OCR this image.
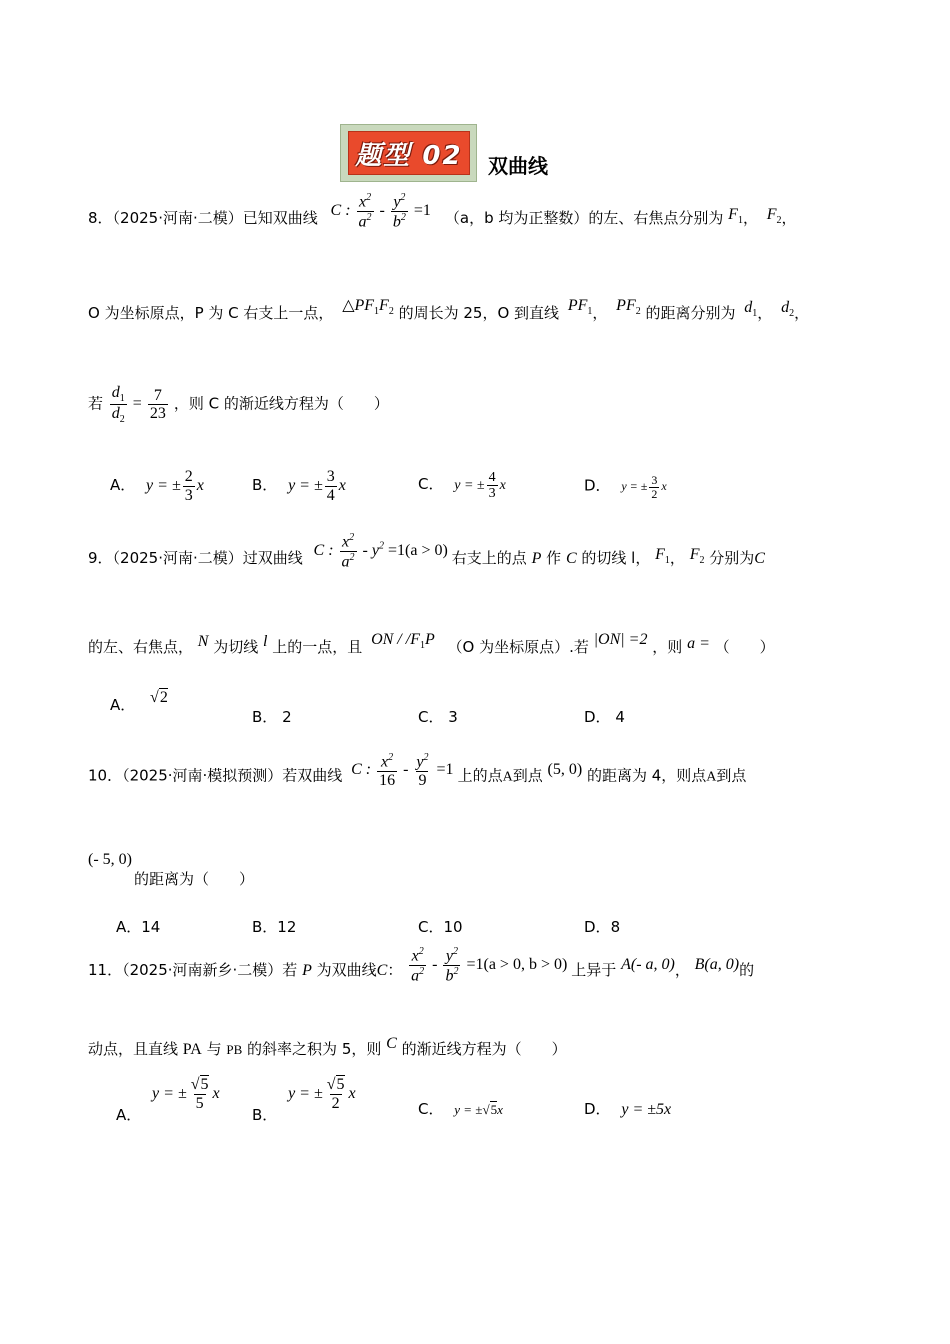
题型 02	双曲线
8．（2025·河南·二模）已知双曲线 C : $\frac{x^2}{a^2} - \frac{y^2}{b^2} =1$ （a，b 均为正整数）的左、右焦点分别为 $F_1$， $F_2$，
O 为坐标原点，P 为 C 右支上一点， $\triangle PF_1F_2$ 的周长为 25，O 到直线 $PF_1$， $PF_2$ 的距离分别为 $d_1$， $d_2$，
若 $\frac{d_1}{d_2} = \frac{7}{23}$ ，则 C 的渐近线方程为（　　）
A． y = ± $\frac{2}{3}$ x	B． y = ± $\frac{3}{4}$ x	C． y = ± $\frac{4}{3}$ x	D． y = ± $\frac{3}{2}$ x
9．（2025·河南·二模）过双曲线 C : $\frac{x^2}{a^2} - y^2 =1(a > 0)$ 右支上的点 P 作 C 的切线 l， $F_1$， $F_2$ 分别为C
的左、右焦点， N 为切线 l 上的一点，且 ON / $/F_1P$ （O 为坐标原点）.若 |ON| =2 ，则 a = （　　）
A． √2
B． 2	C． 3	D． 4
10．（2025·河南·模拟预测）若双曲线 C : $\frac{x^2}{16} - \frac{y^2}{9} =1$ 上的点A到点 (5, 0) 的距离为 4，则点A到点
(- 5, 0)
的距离为（　　）
A．14	B．12	C．10	D．8
11．（2025·河南新乡·二模）若 P 为双曲线C： $\frac{x^2}{a^2} - \frac{y^2}{b^2} =1(a > 0$, b > 0) 上异于 A(- a, 0)， B(a, 0)的
动点，且直线 PA 与 PB 的斜率之积为 5，则 C 的渐近线方程为（　　）
A． y = ± $\frac{√5}{5}$ x
B． y = ± $\frac{√5}{2}$ x
C． y = ±√5x	D． y = ±5x
